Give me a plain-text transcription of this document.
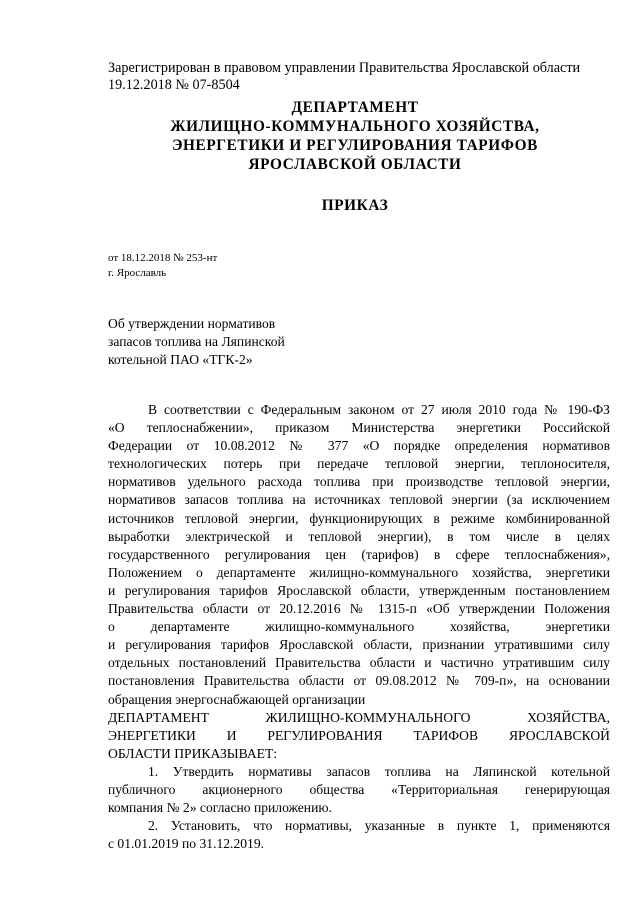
Зарегистрирован в правовом управлении Правительства Ярославской области
19.12.2018 № 07-8504
ДЕПАРТАМЕНТ
ЖИЛИЩНО-КОММУНАЛЬНОГО ХОЗЯЙСТВА,
ЭНЕРГЕТИКИ И РЕГУЛИРОВАНИЯ ТАРИФОВ
ЯРОСЛАВСКОЙ ОБЛАСТИ
ПРИКАЗ
от 18.12.2018 № 253-нт
г. Ярославль
Об утверждении нормативов
запасов топлива на Ляпинской
котельной ПАО «ТГК-2»

В соответствии с Федеральным законом от 27 июля 2010 года № 190-ФЗ

«О теплоснабжении», приказом Министерства энергетики Российской

Федерации от 10.08.2012 № 377 «О порядке определения нормативов

технологических потерь при передаче тепловой энергии, теплоносителя,

нормативов удельного расхода топлива при производстве тепловой энергии,

нормативов запасов топлива на источниках тепловой энергии (за исключением

источников тепловой энергии, функционирующих в режиме комбинированной

выработки электрической и тепловой энергии), в том числе в целях

государственного регулирования цен (тарифов) в сфере теплоснабжения»,

Положением о департаменте жилищно-коммунального хозяйства, энергетики

и регулирования тарифов Ярославской области, утвержденным постановлением

Правительства области от 20.12.2016 № 1315-п «Об утверждении Положения

о департаменте жилищно-коммунального хозяйства, энергетики

и регулирования тарифов Ярославской области, признании утратившими силу

отдельных постановлений Правительства области и частично утратившим силу

постановления Правительства области от 09.08.2012 № 709-п», на основании

обращения энергоснабжающей организации

ДЕПАРТАМЕНТ ЖИЛИЩНО-КОММУНАЛЬНОГО ХОЗЯЙСТВА,

ЭНЕРГЕТИКИ И РЕГУЛИРОВАНИЯ ТАРИФОВ ЯРОСЛАВСКОЙ

ОБЛАСТИ ПРИКАЗЫВАЕТ:

1. Утвердить нормативы запасов топлива на Ляпинской котельной

публичного акционерного общества «Территориальная генерирующая

компания № 2» согласно приложению.

2. Установить, что нормативы, указанные в пункте 1, применяются

с 01.01.2019 по 31.12.2019.
